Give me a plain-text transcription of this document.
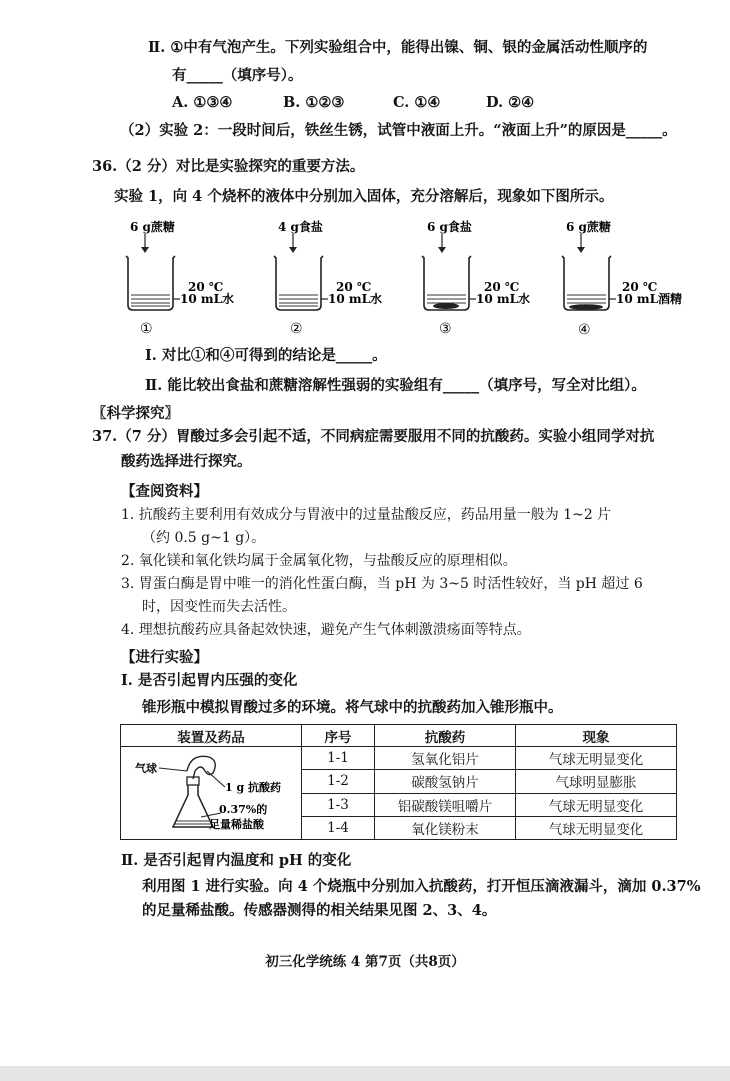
Ⅱ. ①中有气泡产生。下列实验组合中，能得出镍、铜、银的金属活动性顺序的
有_____（填序号）。
A. ①③④	B. ①②③	C. ①④	D. ②④
（2）实验 2：一段时间后，铁丝生锈，试管中液面上升。“液面上升”的原因是_____。
36.（2 分）对比是实验探究的重要方法。
实验 1，向 4 个烧杯的液体中分别加入固体，充分溶解后，现象如下图所示。
6 g蔗糖
20 ℃
10 mL水
①
4 g食盐
20 ℃
10 mL水
②
6 g食盐
20 ℃
10 mL水
③
6 g蔗糖
20 ℃
10 mL酒精
④
Ⅰ. 对比①和④可得到的结论是_____。
Ⅱ. 能比较出食盐和蔗糖溶解性强弱的实验组有_____（填序号，写全对比组）。
〖科学探究〗
37.（7 分）胃酸过多会引起不适，不同病症需要服用不同的抗酸药。实验小组同学对抗
酸药选择进行探究。
【查阅资料】
1. 抗酸药主要利用有效成分与胃液中的过量盐酸反应，药品用量一般为 1~2 片
（约 0.5 g~1 g）。
2. 氧化镁和氧化铁均属于金属氧化物，与盐酸反应的原理相似。
3. 胃蛋白酶是胃中唯一的消化性蛋白酶，当 pH 为 3~5 时活性较好，当 pH 超过 6
时，因变性而失去活性。
4. 理想抗酸药应具备起效快速，避免产生气体刺激溃疡面等特点。
【进行实验】
Ⅰ. 是否引起胃内压强的变化
锥形瓶中模拟胃酸过多的环境。将气球中的抗酸药加入锥形瓶中。
装置及药品	序号	抗酸药	现象

气球
1 g 抗酸药
0.37%的
足量稀盐酸	1-1	氢氧化铝片	气球无明显变化
	1-2	碳酸氢钠片	气球明显膨胀
	1-3	铝碳酸镁咀嚼片	气球无明显变化
	1-4	氧化镁粉末	气球无明显变化
Ⅱ. 是否引起胃内温度和 pH 的变化
利用图 1 进行实验。向 4 个烧瓶中分别加入抗酸药，打开恒压滴液漏斗，滴加 0.37%
的足量稀盐酸。传感器测得的相关结果见图 2、3、4。
初三化学统练 4 第7页（共8页）
